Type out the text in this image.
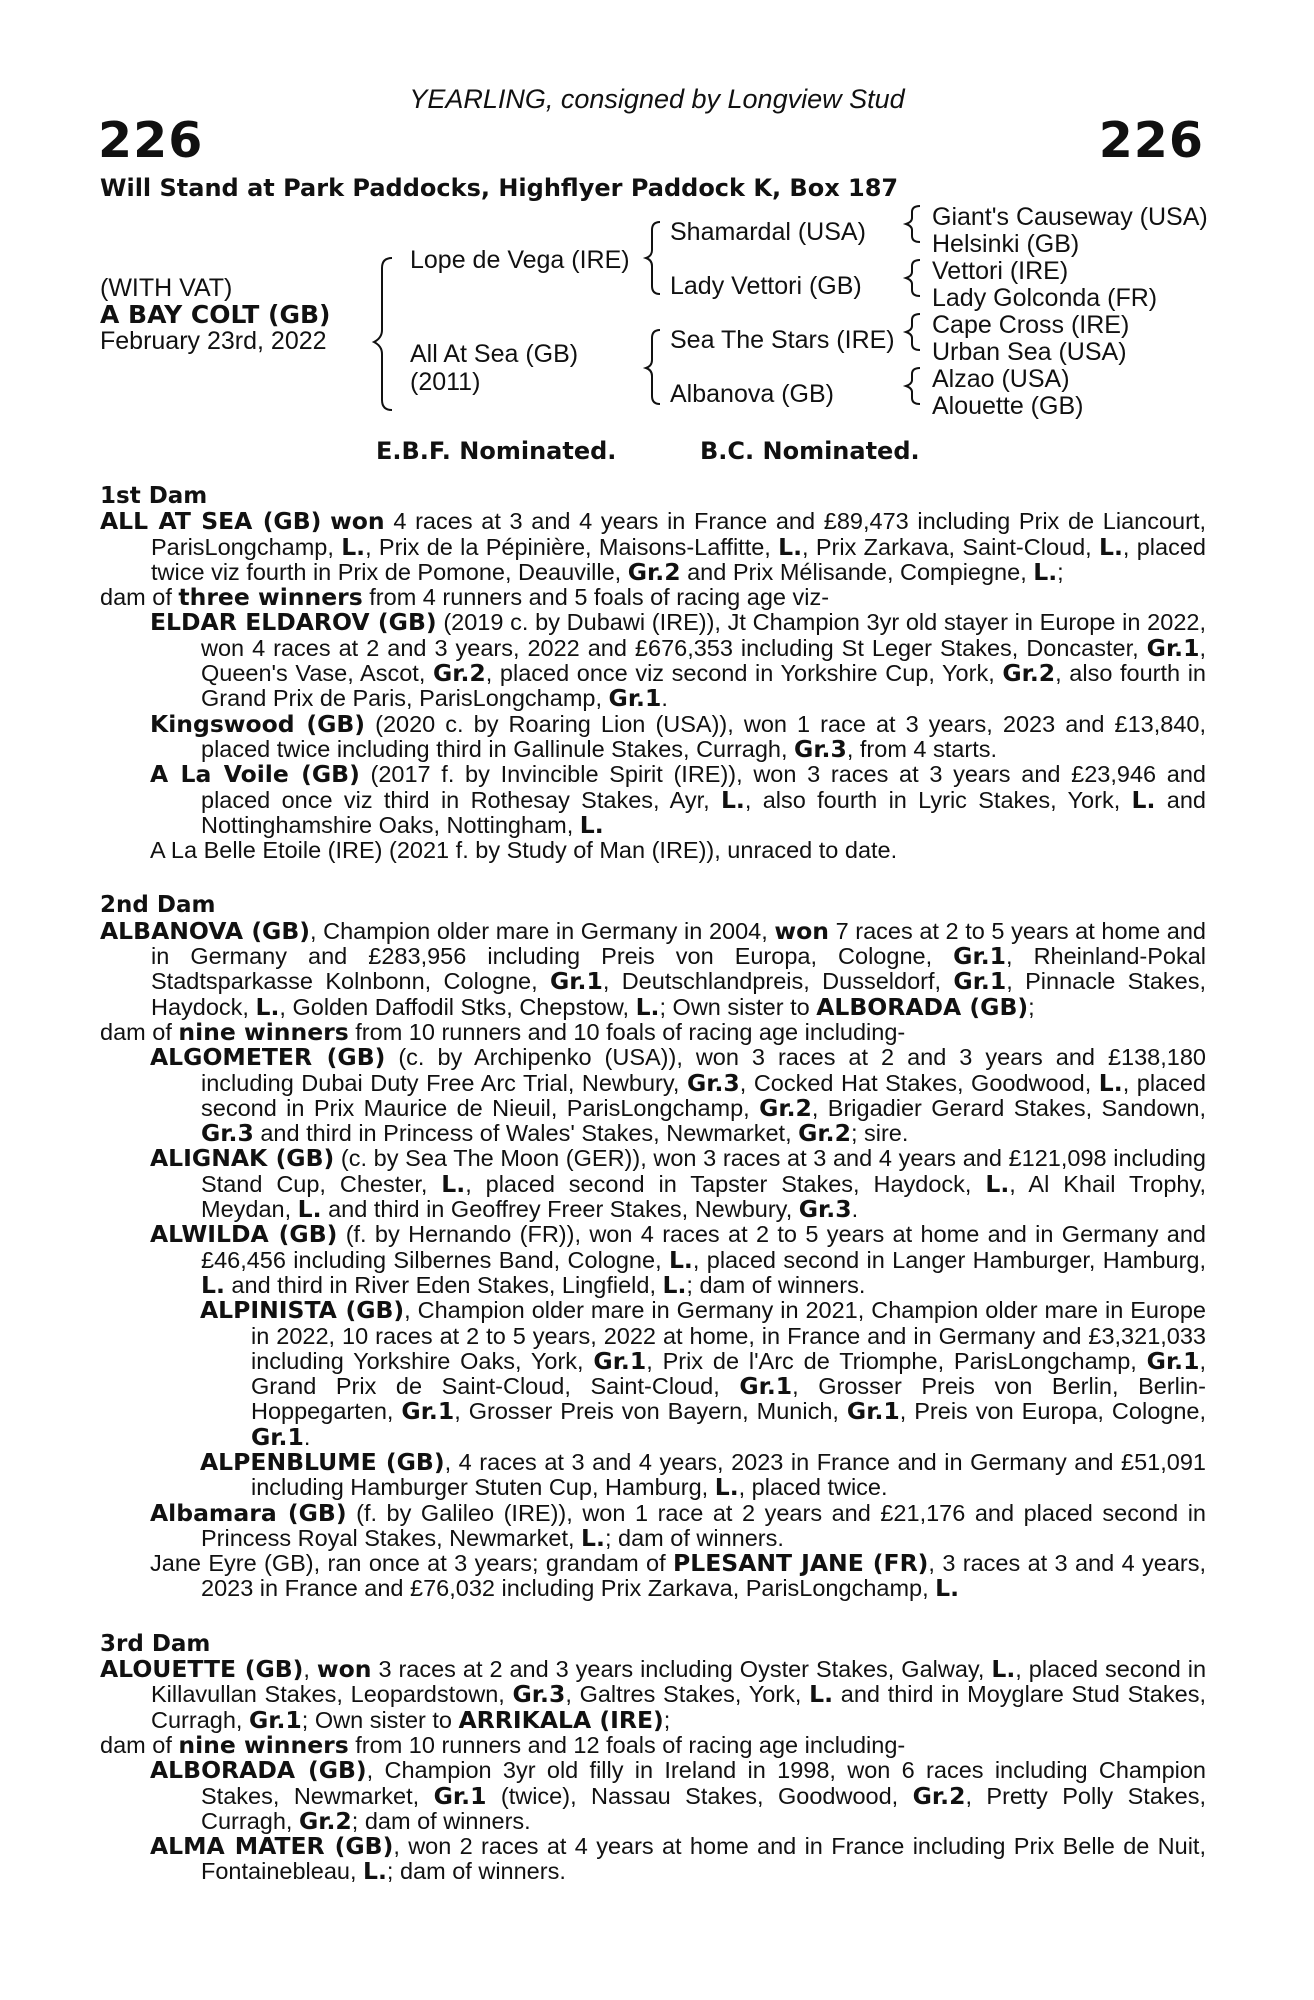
YEARLING, consigned by Longview Stud
226	226
Will Stand at Park Paddocks, Highflyer Paddock K, Box 187
(WITH VAT)
A BAY COLT (GB)
February 23rd, 2022
Lope de Vega (IRE)
All At Sea (GB)
(2011)
Shamardal (USA)
Lady Vettori (GB)
Sea The Stars (IRE)
Albanova (GB)
Giant's Causeway (USA)
Helsinki (GB)
Vettori (IRE)
Lady Golconda (FR)
Cape Cross (IRE)
Urban Sea (USA)
Alzao (USA)
Alouette (GB)
E.B.F. Nominated.	B.C. Nominated.
1st Dam
ALL AT SEA (GB) won 4 races at 3 and 4 years in France and £89,473 including Prix de Liancourt, ParisLongchamp, L., Prix de la Pépinière, Maisons-Laffitte, L., Prix Zarkava, Saint-Cloud, L., placed twice viz fourth in Prix de Pomone, Deauville, Gr.2 and Prix Mélisande, Compiegne, L.;
dam of three winners from 4 runners and 5 foals of racing age viz-
ELDAR ELDAROV (GB) (2019 c. by Dubawi (IRE)), Jt Champion 3yr old stayer in Europe in 2022, won 4 races at 2 and 3 years, 2022 and £676,353 including St Leger Stakes, Doncaster, Gr.1, Queen's Vase, Ascot, Gr.2, placed once viz second in Yorkshire Cup, York, Gr.2, also fourth in Grand Prix de Paris, ParisLongchamp, Gr.1.
Kingswood (GB) (2020 c. by Roaring Lion (USA)), won 1 race at 3 years, 2023 and £13,840, placed twice including third in Gallinule Stakes, Curragh, Gr.3, from 4 starts.
A La Voile (GB) (2017 f. by Invincible Spirit (IRE)), won 3 races at 3 years and £23,946 and placed once viz third in Rothesay Stakes, Ayr, L., also fourth in Lyric Stakes, York, L. and Nottinghamshire Oaks, Nottingham, L.
A La Belle Etoile (IRE) (2021 f. by Study of Man (IRE)), unraced to date.
2nd Dam
ALBANOVA (GB), Champion older mare in Germany in 2004, won 7 races at 2 to 5 years at home and in Germany and £283,956 including Preis von Europa, Cologne, Gr.1, Rheinland-Pokal Stadtsparkasse Kolnbonn, Cologne, Gr.1, Deutschlandpreis, Dusseldorf, Gr.1, Pinnacle Stakes, Haydock, L., Golden Daffodil Stks, Chepstow, L.; Own sister to ALBORADA (GB);
dam of nine winners from 10 runners and 10 foals of racing age including-
ALGOMETER (GB) (c. by Archipenko (USA)), won 3 races at 2 and 3 years and £138,180 including Dubai Duty Free Arc Trial, Newbury, Gr.3, Cocked Hat Stakes, Goodwood, L., placed second in Prix Maurice de Nieuil, ParisLongchamp, Gr.2, Brigadier Gerard Stakes, Sandown, Gr.3 and third in Princess of Wales' Stakes, Newmarket, Gr.2; sire.
ALIGNAK (GB) (c. by Sea The Moon (GER)), won 3 races at 3 and 4 years and £121,098 including Stand Cup, Chester, L., placed second in Tapster Stakes, Haydock, L., Al Khail Trophy, Meydan, L. and third in Geoffrey Freer Stakes, Newbury, Gr.3.
ALWILDA (GB) (f. by Hernando (FR)), won 4 races at 2 to 5 years at home and in Germany and £46,456 including Silbernes Band, Cologne, L., placed second in Langer Hamburger, Hamburg, L. and third in River Eden Stakes, Lingfield, L.; dam of winners.
ALPINISTA (GB), Champion older mare in Germany in 2021, Champion older mare in Europe in 2022, 10 races at 2 to 5 years, 2022 at home, in France and in Germany and £3,321,033 including Yorkshire Oaks, York, Gr.1, Prix de l'Arc de Triomphe, ParisLongchamp, Gr.1, Grand Prix de Saint-Cloud, Saint-Cloud, Gr.1, Grosser Preis von Berlin, Berlin-Hoppegarten, Gr.1, Grosser Preis von Bayern, Munich, Gr.1, Preis von Europa, Cologne, Gr.1.
ALPENBLUME (GB), 4 races at 3 and 4 years, 2023 in France and in Germany and £51,091 including Hamburger Stuten Cup, Hamburg, L., placed twice.
Albamara (GB) (f. by Galileo (IRE)), won 1 race at 2 years and £21,176 and placed second in Princess Royal Stakes, Newmarket, L.; dam of winners.
Jane Eyre (GB), ran once at 3 years; grandam of PLESANT JANE (FR), 3 races at 3 and 4 years, 2023 in France and £76,032 including Prix Zarkava, ParisLongchamp, L.
3rd Dam
ALOUETTE (GB), won 3 races at 2 and 3 years including Oyster Stakes, Galway, L., placed second in Killavullan Stakes, Leopardstown, Gr.3, Galtres Stakes, York, L. and third in Moyglare Stud Stakes, Curragh, Gr.1; Own sister to ARRIKALA (IRE);
dam of nine winners from 10 runners and 12 foals of racing age including-
ALBORADA (GB), Champion 3yr old filly in Ireland in 1998, won 6 races including Champion Stakes, Newmarket, Gr.1 (twice), Nassau Stakes, Goodwood, Gr.2, Pretty Polly Stakes, Curragh, Gr.2; dam of winners.
ALMA MATER (GB), won 2 races at 4 years at home and in France including Prix Belle de Nuit, Fontainebleau, L.; dam of winners.
